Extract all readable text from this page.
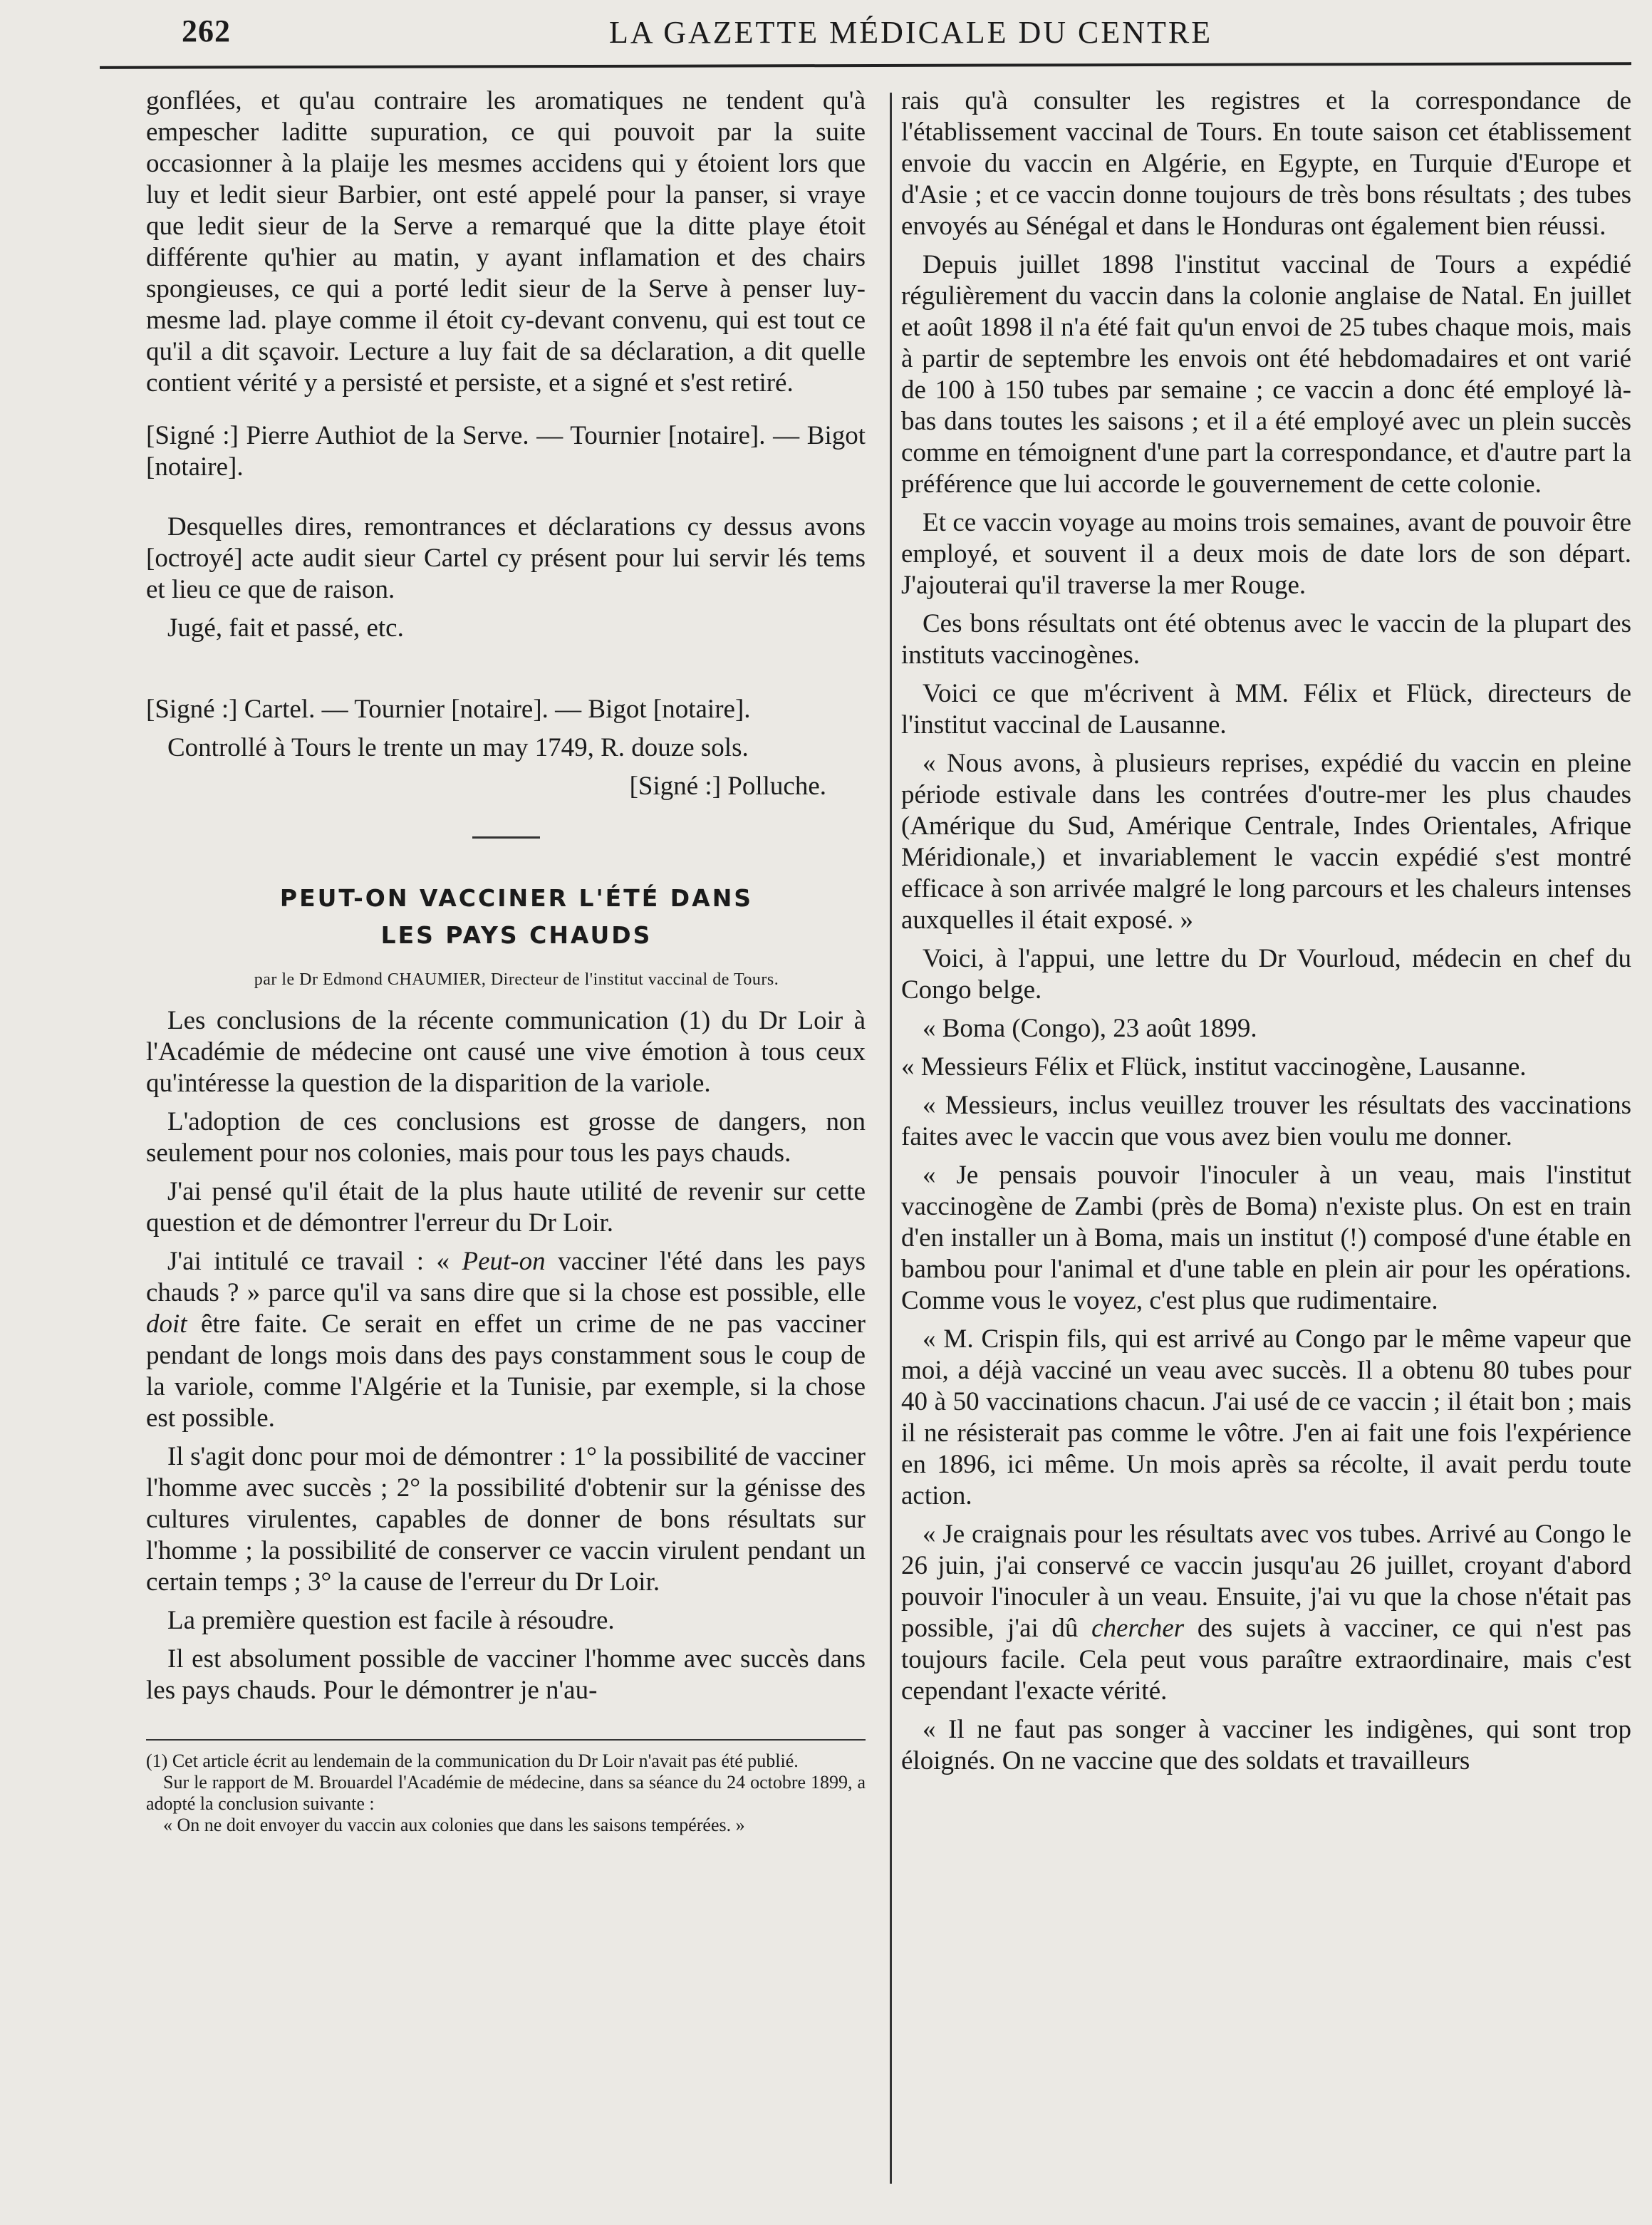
262	LA GAZETTE MÉDICALE DU CENTRE

gonflées, et qu'au contraire les aromatiques ne tendent qu'à empescher laditte supuration, ce qui pouvoit par la suite occasionner à la plaije les mesmes accidens qui y étoient lors que luy et ledit sieur Barbier, ont esté appelé pour la panser, si vraye que ledit sieur de la Serve a remarqué que la ditte playe étoit différente qu'hier au matin, y ayant inflamation et des chairs spongieuses, ce qui a porté ledit sieur de la Serve à penser luy-mesme lad. playe comme il étoit cy-devant convenu, qui est tout ce qu'il a dit sçavoir. Lecture a luy fait de sa déclaration, a dit quelle contient vérité y a persisté et persiste, et a signé et s'est retiré.

[Signé :] Pierre Authiot de la Serve. — Tournier [notaire]. — Bigot [notaire].

Desquelles dires, remontrances et déclarations cy dessus avons [octroyé] acte audit sieur Cartel cy présent pour lui servir lés tems et lieu ce que de raison.

Jugé, fait et passé, etc.

[Signé :] Cartel. — Tournier [notaire]. — Bigot [notaire].

Controllé à Tours le trente un may 1749, R. douze sols.

[Signé :] Polluche.

PEUT-ON VACCINER L'ÉTÉ DANS

LES PAYS CHAUDS

par le Dr Edmond CHAUMIER, Directeur de l'institut vaccinal de Tours.

Les conclusions de la récente communication (1) du Dr Loir à l'Académie de médecine ont causé une vive émotion à tous ceux qu'intéresse la question de la disparition de la variole.

L'adoption de ces conclusions est grosse de dangers, non seulement pour nos colonies, mais pour tous les pays chauds.

J'ai pensé qu'il était de la plus haute utilité de revenir sur cette question et de démontrer l'erreur du Dr Loir.

J'ai intitulé ce travail : « Peut-on vacciner l'été dans les pays chauds ? » parce qu'il va sans dire que si la chose est possible, elle doit être faite. Ce serait en effet un crime de ne pas vacciner pendant de longs mois dans des pays constamment sous le coup de la variole, comme l'Algérie et la Tunisie, par exemple, si la chose est possible.

Il s'agit donc pour moi de démontrer : 1° la possibilité de vacciner l'homme avec succès ; 2° la possibilité d'obtenir sur la génisse des cultures virulentes, capables de donner de bons résultats sur l'homme ; la possibilité de conserver ce vaccin virulent pendant un certain temps ; 3° la cause de l'erreur du Dr Loir.

La première question est facile à résoudre.

Il est absolument possible de vacciner l'homme avec succès dans les pays chauds. Pour le démontrer je n'au-

(1) Cet article écrit au lendemain de la communication du Dr Loir n'avait pas été publié.

Sur le rapport de M. Brouardel l'Académie de médecine, dans sa séance du 24 octobre 1899, a adopté la conclusion suivante :

« On ne doit envoyer du vaccin aux colonies que dans les saisons tempérées. »

rais qu'à consulter les registres et la correspondance de l'établissement vaccinal de Tours. En toute saison cet établissement envoie du vaccin en Algérie, en Egypte, en Turquie d'Europe et d'Asie ; et ce vaccin donne toujours de très bons résultats ; des tubes envoyés au Sénégal et dans le Honduras ont également bien réussi.

Depuis juillet 1898 l'institut vaccinal de Tours a expédié régulièrement du vaccin dans la colonie anglaise de Natal. En juillet et août 1898 il n'a été fait qu'un envoi de 25 tubes chaque mois, mais à partir de septembre les envois ont été hebdomadaires et ont varié de 100 à 150 tubes par semaine ; ce vaccin a donc été employé là-bas dans toutes les saisons ; et il a été employé avec un plein succès comme en témoignent d'une part la correspondance, et d'autre part la préférence que lui accorde le gouvernement de cette colonie.

Et ce vaccin voyage au moins trois semaines, avant de pouvoir être employé, et souvent il a deux mois de date lors de son départ. J'ajouterai qu'il traverse la mer Rouge.

Ces bons résultats ont été obtenus avec le vaccin de la plupart des instituts vaccinogènes.

Voici ce que m'écrivent à MM. Félix et Flück, directeurs de l'institut vaccinal de Lausanne.

« Nous avons, à plusieurs reprises, expédié du vaccin en pleine période estivale dans les contrées d'outre-mer les plus chaudes (Amérique du Sud, Amérique Centrale, Indes Orientales, Afrique Méridionale,) et invariablement le vaccin expédié s'est montré efficace à son arrivée malgré le long parcours et les chaleurs intenses auxquelles il était exposé. »

Voici, à l'appui, une lettre du Dr Vourloud, médecin en chef du Congo belge.

« Boma (Congo), 23 août 1899.

« Messieurs Félix et Flück, institut vaccinogène, Lausanne.

« Messieurs, inclus veuillez trouver les résultats des vaccinations faites avec le vaccin que vous avez bien voulu me donner.

« Je pensais pouvoir l'inoculer à un veau, mais l'institut vaccinogène de Zambi (près de Boma) n'existe plus. On est en train d'en installer un à Boma, mais un institut (!) composé d'une étable en bambou pour l'animal et d'une table en plein air pour les opérations. Comme vous le voyez, c'est plus que rudimentaire.

« M. Crispin fils, qui est arrivé au Congo par le même vapeur que moi, a déjà vacciné un veau avec succès. Il a obtenu 80 tubes pour 40 à 50 vaccinations chacun. J'ai usé de ce vaccin ; il était bon ; mais il ne résisterait pas comme le vôtre. J'en ai fait une fois l'expérience en 1896, ici même. Un mois après sa récolte, il avait perdu toute action.

« Je craignais pour les résultats avec vos tubes. Arrivé au Congo le 26 juin, j'ai conservé ce vaccin jusqu'au 26 juillet, croyant d'abord pouvoir l'inoculer à un veau. Ensuite, j'ai vu que la chose n'était pas possible, j'ai dû chercher des sujets à vacciner, ce qui n'est pas toujours facile. Cela peut vous paraître extraordinaire, mais c'est cependant l'exacte vérité.

« Il ne faut pas songer à vacciner les indigènes, qui sont trop éloignés. On ne vaccine que des soldats et travailleurs
